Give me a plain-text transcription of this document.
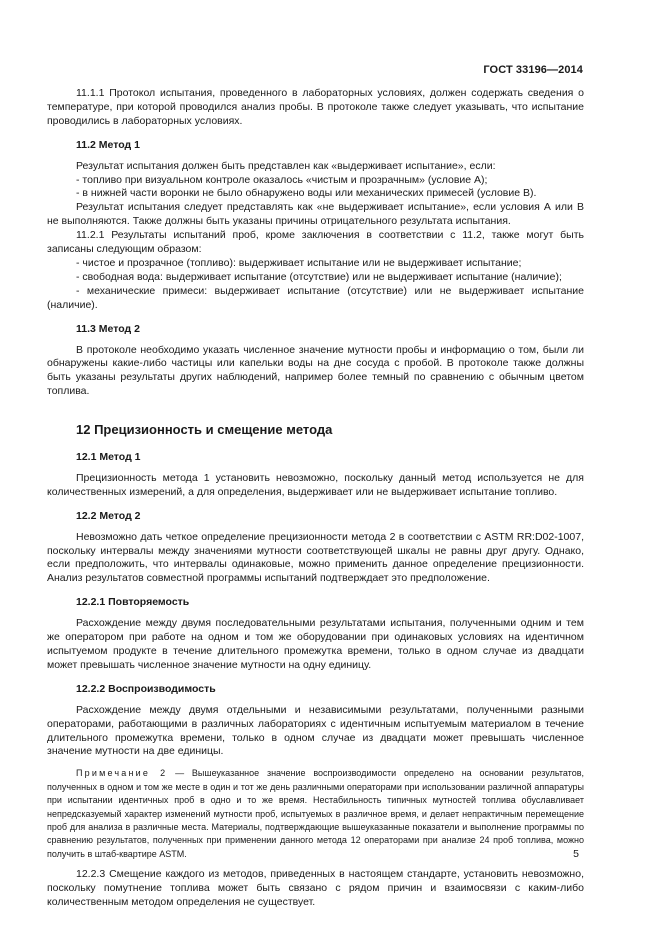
ГОСТ 33196—2014

11.1.1 Протокол испытания, проведенного в лабораторных условиях, должен содержать сведения о температуре, при которой проводился анализ пробы. В протоколе также следует указывать, что испытание проводились в лабораторных условиях.

11.2 Метод 1

Результат испытания должен быть представлен как «выдерживает испытание», если:

- топливо при визуальном контроле оказалось «чистым и прозрачным» (условие А);

- в нижней части воронки не было обнаружено воды или механических примесей (условие В).

Результат испытания следует представлять как «не выдерживает испытание», если условия А или В не выполняются. Также должны быть указаны причины отрицательного результата испытания.

11.2.1 Результаты испытаний проб, кроме заключения в соответствии с 11.2, также могут быть записаны следующим образом:

- чистое и прозрачное (топливо): выдерживает испытание или не выдерживает испытание;

- свободная вода: выдерживает испытание (отсутствие) или не выдерживает испытание (наличие);

- механические примеси: выдерживает испытание (отсутствие) или не выдерживает испытание (наличие).

11.3 Метод 2

В протоколе необходимо указать численное значение мутности пробы и информацию о том, были ли обнаружены какие-либо частицы или капельки воды на дне сосуда с пробой. В протоколе также должны быть указаны результаты других наблюдений, например более темный по сравнению с обычным цветом топлива.

12 Прецизионность и смещение метода
12.1 Метод 1

Прецизионность метода 1 установить невозможно, поскольку данный метод используется не для количественных измерений, а для определения, выдерживает или не выдерживает испытание топливо.

12.2 Метод 2

Невозможно дать четкое определение прецизионности метода 2 в соответствии с ASTM RR:D02-1007, поскольку интервалы между значениями мутности соответствующей шкалы не равны друг другу. Однако, если предположить, что интервалы одинаковые, можно применить данное определение прецизионности. Анализ результатов совместной программы испытаний подтверждает это предположение.

12.2.1 Повторяемость

Расхождение между двумя последовательными результатами испытания, полученными одним и тем же оператором при работе на одном и том же оборудовании при одинаковых условиях на идентичном испытуемом продукте в течение длительного промежутка времени, только в одном случае из двадцати может превышать численное значение мутности на одну единицу.

12.2.2 Воспроизводимость

Расхождение между двумя отдельными и независимыми результатами, полученными разными операторами, работающими в различных лабораториях с идентичным испытуемым материалом в течение длительного промежутка времени, только в одном случае из двадцати может превышать численное значение мутности на две единицы.

Примечание 2 — Вышеуказанное значение воспроизводимости определено на основании результатов, полученных в одном и том же месте в один и тот же день различными операторами при использовании различной аппаратуры при испытании идентичных проб в одно и то же время. Нестабильность типичных мутностей топлива обуславливает непредсказуемый характер изменений мутности проб, испытуемых в различное время, и делает непрактичным перемещение проб для анализа в различные места. Материалы, подтверждающие вышеуказанные показатели и выполнение программы по сравнению результатов, полученных при применении данного метода 12 операторами при анализе 24 проб топлива, можно получить в штаб-квартире ASTM.

12.2.3 Смещение каждого из методов, приведенных в настоящем стандарте, установить невозможно, поскольку помутнение топлива может быть связано с рядом причин и взаимосвязи с каким-либо количественным методом определения не существует.

5
